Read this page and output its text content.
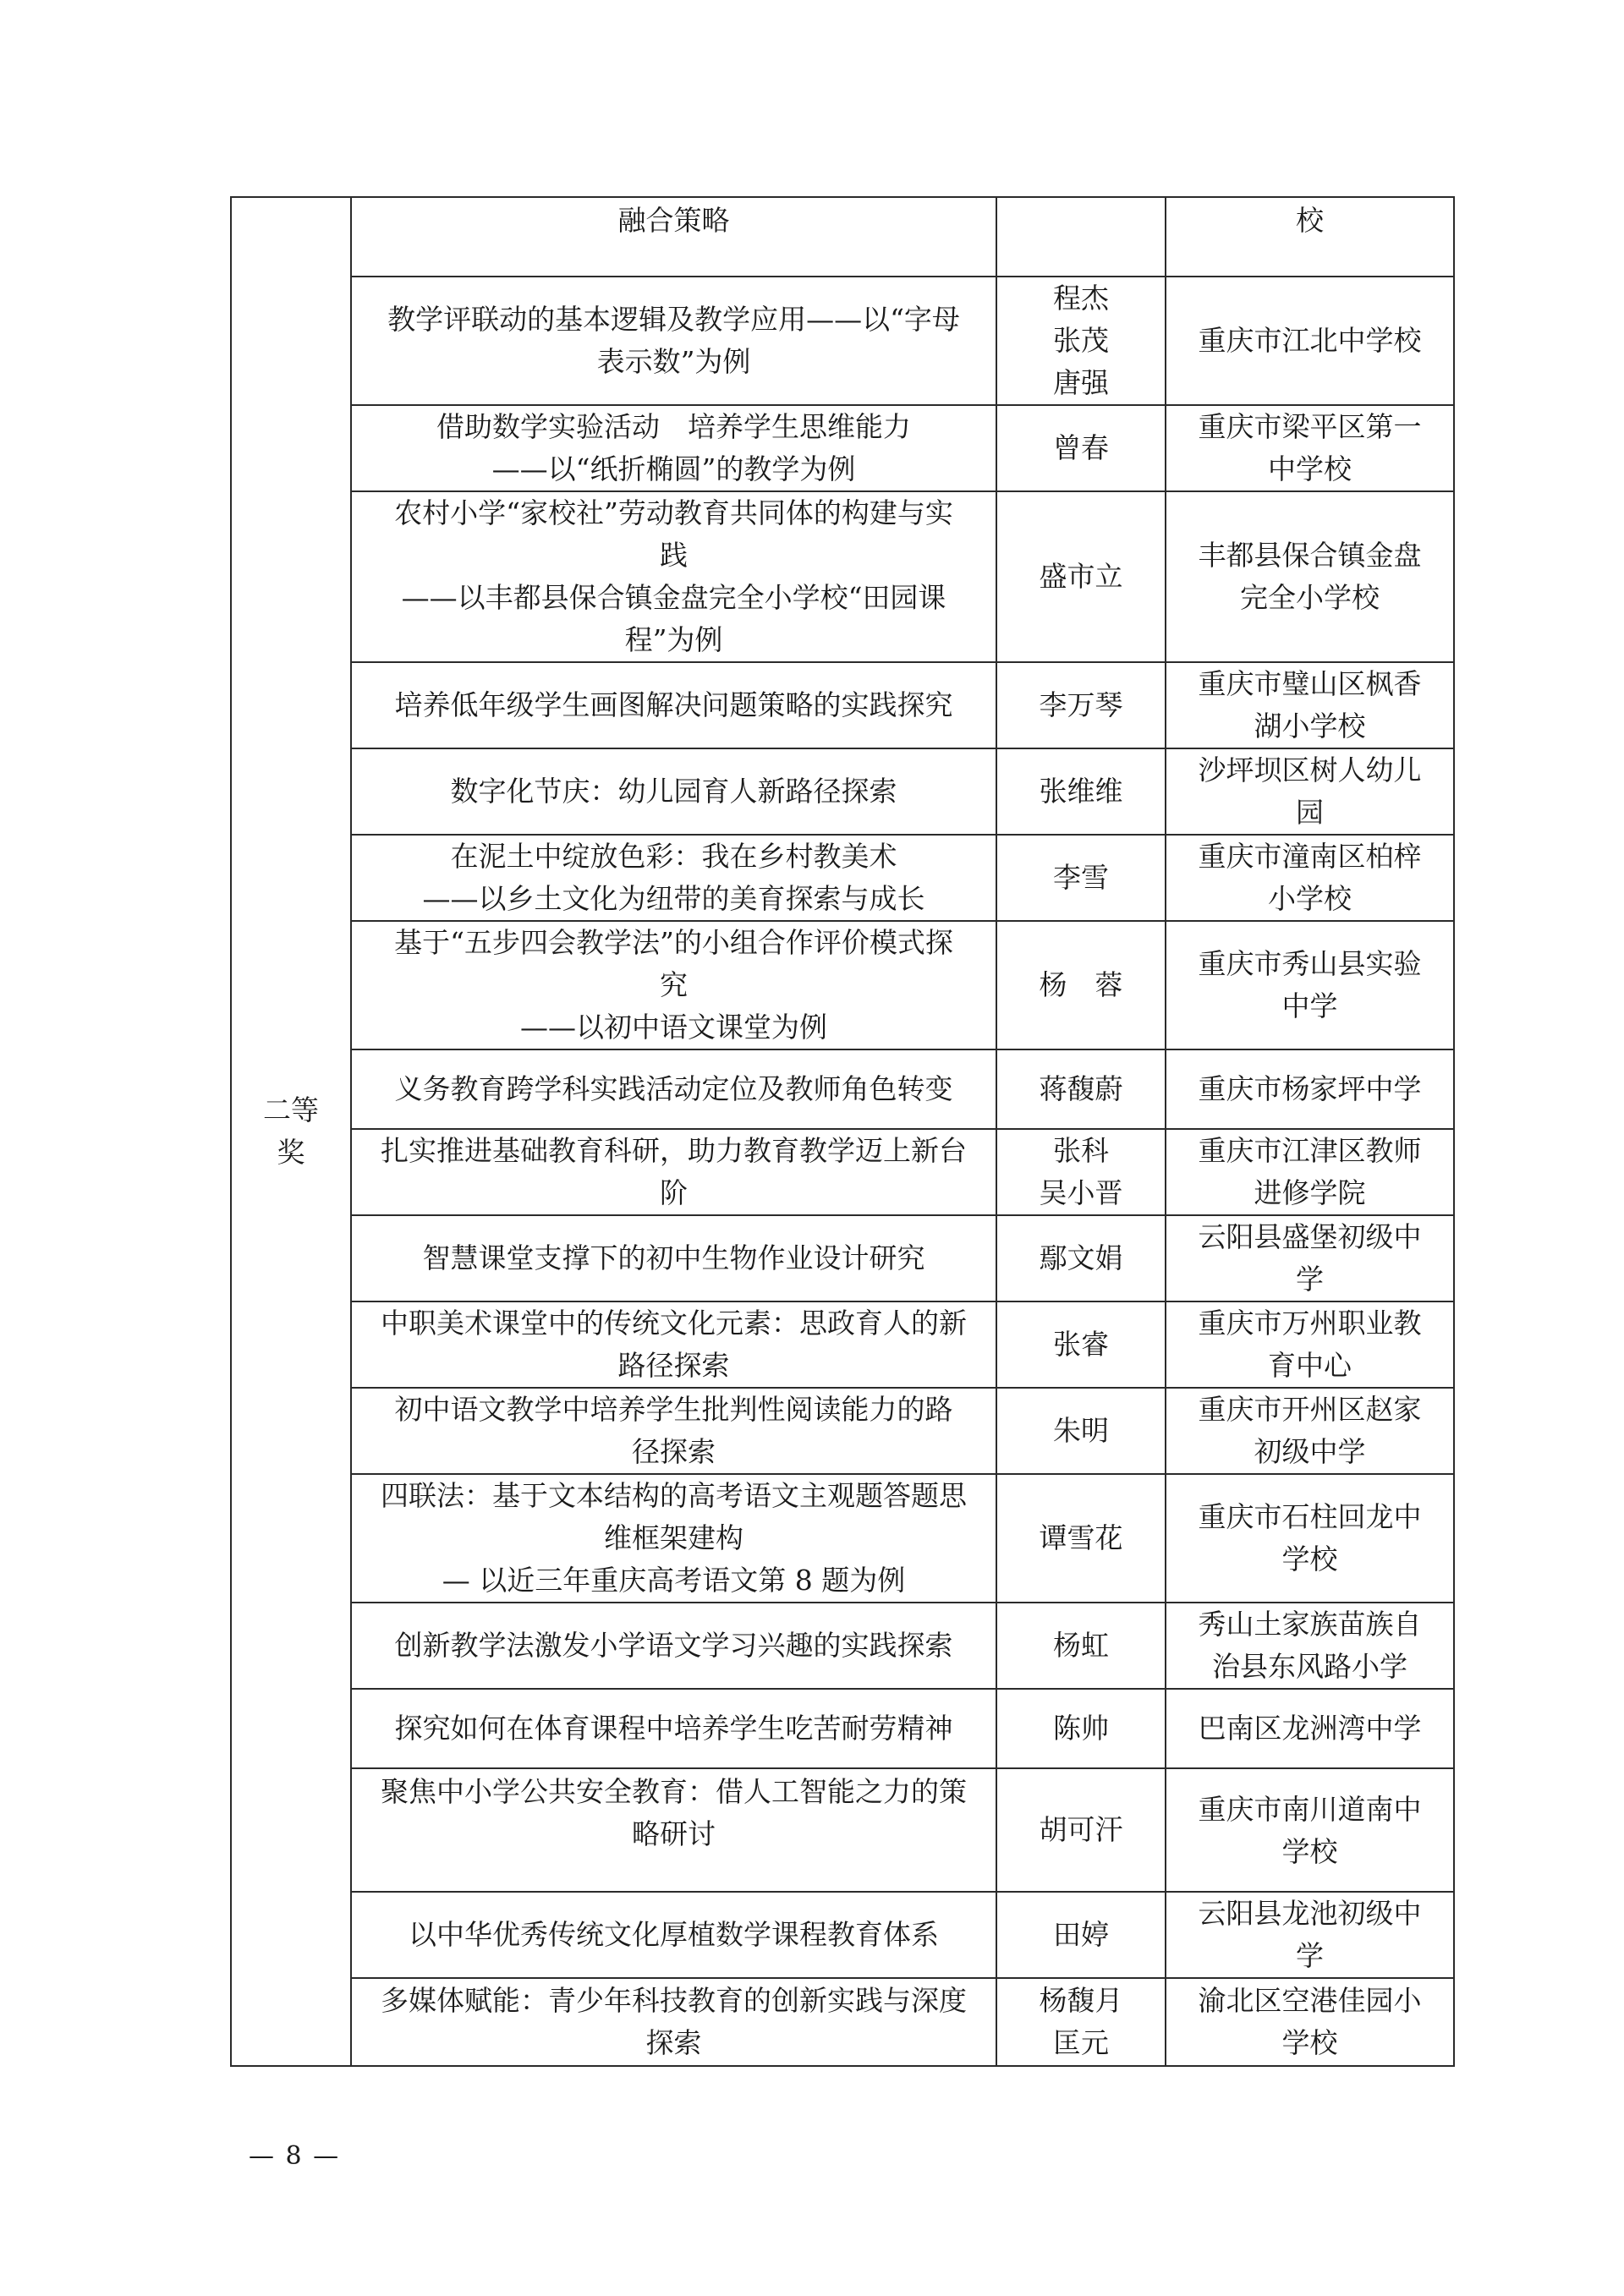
二等
奖	融合策略		校
	教学评联动的基本逻辑及教学应用——以“字母
表示数”为例	程杰
张茂
唐强	重庆市江北中学校
	借助数学实验活动　培养学生思维能力
——以“纸折椭圆”的教学为例	曾春	重庆市梁平区第一
中学校
	农村小学“家校社”劳动教育共同体的构建与实
践
——以丰都县保合镇金盘完全小学校“田园课
程”为例	盛市立	丰都县保合镇金盘
完全小学校
	培养低年级学生画图解决问题策略的实践探究	李万琴	重庆市璧山区枫香
湖小学校
	数字化节庆：幼儿园育人新路径探索	张维维	沙坪坝区树人幼儿
园
	在泥土中绽放色彩：我在乡村教美术
——以乡土文化为纽带的美育探索与成长	李雪	重庆市潼南区柏梓
小学校
	基于“五步四会教学法”的小组合作评价模式探
究
——以初中语文课堂为例	杨　蓉	重庆市秀山县实验
中学
	义务教育跨学科实践活动定位及教师角色转变	蒋馥蔚	重庆市杨家坪中学
	扎实推进基础教育科研，助力教育教学迈上新台
阶	张科
吴小晋	重庆市江津区教师
进修学院
	智慧课堂支撑下的初中生物作业设计研究	鄢文娟	云阳县盛堡初级中
学
	中职美术课堂中的传统文化元素：思政育人的新
路径探索	张睿	重庆市万州职业教
育中心
	初中语文教学中培养学生批判性阅读能力的路
径探索	朱明	重庆市开州区赵家
初级中学
	四联法：基于文本结构的高考语文主观题答题思
维框架建构
— 以近三年重庆高考语文第 8 题为例	谭雪花	重庆市石柱回龙中
学校
	创新教学法激发小学语文学习兴趣的实践探索	杨虹	秀山土家族苗族自
治县东风路小学
	探究如何在体育课程中培养学生吃苦耐劳精神	陈帅	巴南区龙洲湾中学
	聚焦中小学公共安全教育：借人工智能之力的策
略研讨	胡可汗	重庆市南川道南中
学校
	以中华优秀传统文化厚植数学课程教育体系	田婷	云阳县龙池初级中
学
	多媒体赋能：青少年科技教育的创新实践与深度
探索	杨馥月
匡元	渝北区空港佳园小
学校
— 8 —
